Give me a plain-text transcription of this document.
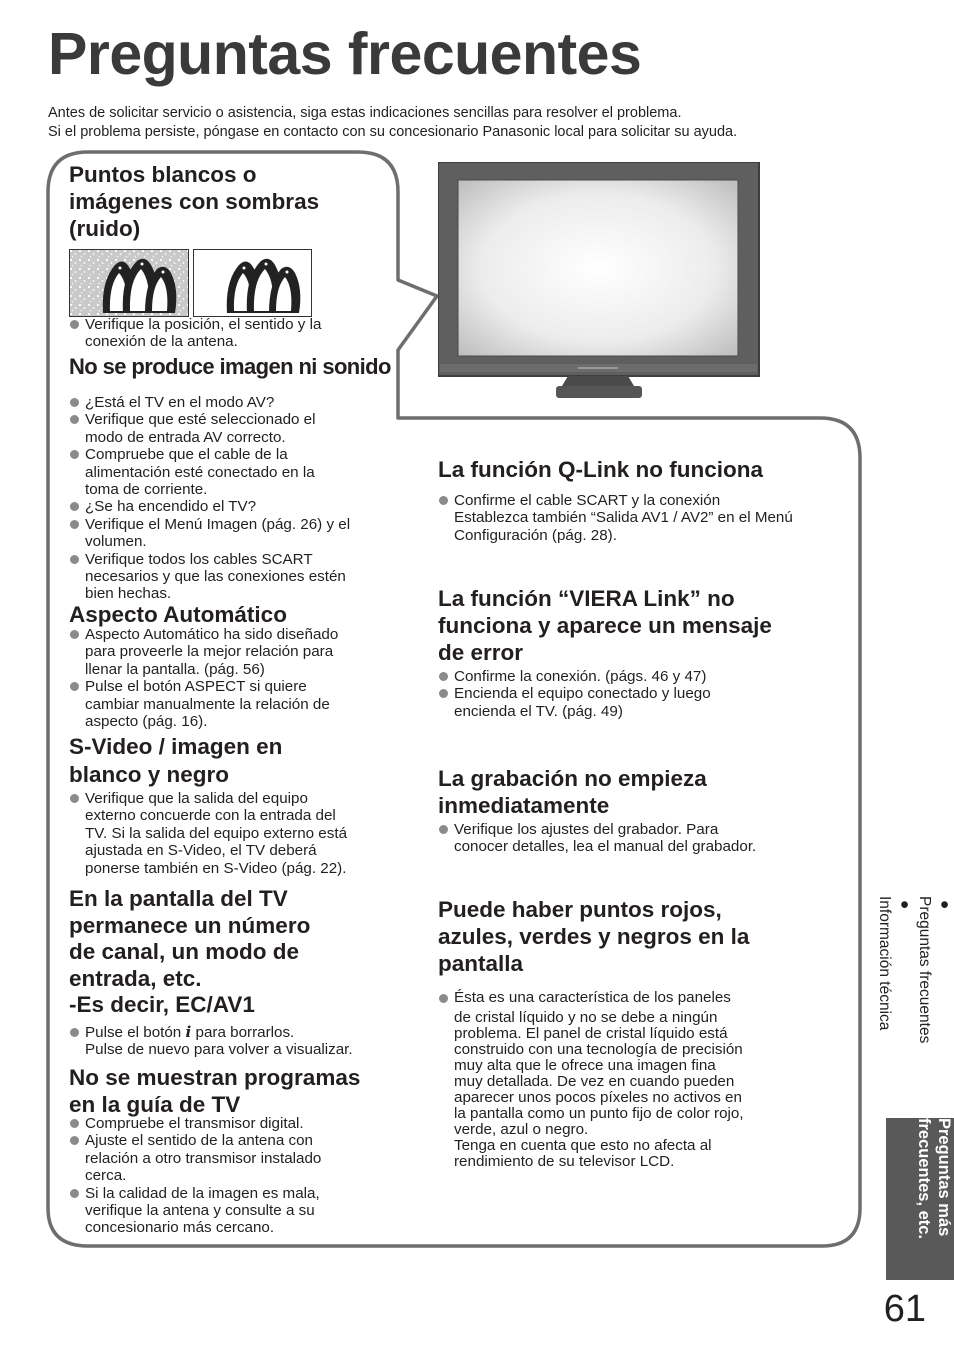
Preguntas frecuentes

Antes de solicitar servicio o asistencia, siga estas indicaciones sencillas para resolver el problema.

Si el problema persiste, póngase en contacto con su concesionario Panasonic local para solicitar su ayuda.

Puntos blancos o
imágenes con sombras
(ruido)
Verifique la posición, el sentido y la
conexión de la antena.
No se produce imagen ni sonido
¿Está el TV en el modo AV?
Verifique que esté seleccionado el
modo de entrada AV correcto.
Compruebe que el cable de la
alimentación esté conectado en la
toma de corriente.
¿Se ha encendido el TV?
Verifique el Menú Imagen (pág. 26) y el
volumen.
Verifique todos los cables SCART
necesarios y que las conexiones estén
bien hechas.
Aspecto Automático
Aspecto Automático ha sido diseñado
para proveerle la mejor relación para
llenar la pantalla. (pág. 56)
Pulse el botón ASPECT si quiere
cambiar manualmente la relación de
aspecto (pág. 16).
S-Video / imagen en
blanco y negro
Verifique que la salida del equipo
externo concuerde con la entrada del
TV. Si la salida del equipo externo está
ajustada en S-Video, el TV deberá
ponerse también en S-Video (pág. 22).
En la pantalla del TV
permanece un número
de canal, un modo de
entrada, etc.
-Es decir, EC/AV1
Pulse el botón i para borrarlos.
Pulse de nuevo para volver a visualizar.
No se muestran programas
en la guía de TV
Compruebe el transmisor digital.
Ajuste el sentido de la antena con
relación a otro transmisor instalado
cerca.
Si la calidad de la imagen es mala,
verifique la antena y consulte a su
concesionario más cercano.
La función Q-Link no funciona
Confirme el cable SCART y la conexión
Establezca también “Salida AV1 / AV2” en el Menú
Configuración (pág. 28).
La función “VIERA Link” no
funciona y aparece un mensaje
de error
Confirme la conexión. (págs. 46 y 47)
Encienda el equipo conectado y luego
encienda el TV. (pág. 49)
La grabación no empieza
inmediatamente
Verifique los ajustes del grabador. Para
conocer detalles, lea el manual del grabador.
Puede haber puntos rojos,
azules, verdes y negros en la
pantalla
Ésta es una característica de los paneles
de cristal líquido y no se debe a ningún
problema. El panel de cristal líquido está
construido con una tecnología de precisión
muy alta que le ofrece una imagen fina
muy detallada. De vez en cuando pueden
aparecer unos pocos píxeles no activos en
la pantalla como un punto fijo de color rojo,
verde, azul o negro.
Tenga en cuenta que esto no afecta al
rendimiento de su televisor LCD.
●
Preguntas frecuentes
●
Información técnica
Preguntas más
frecuentes, etc.

61
